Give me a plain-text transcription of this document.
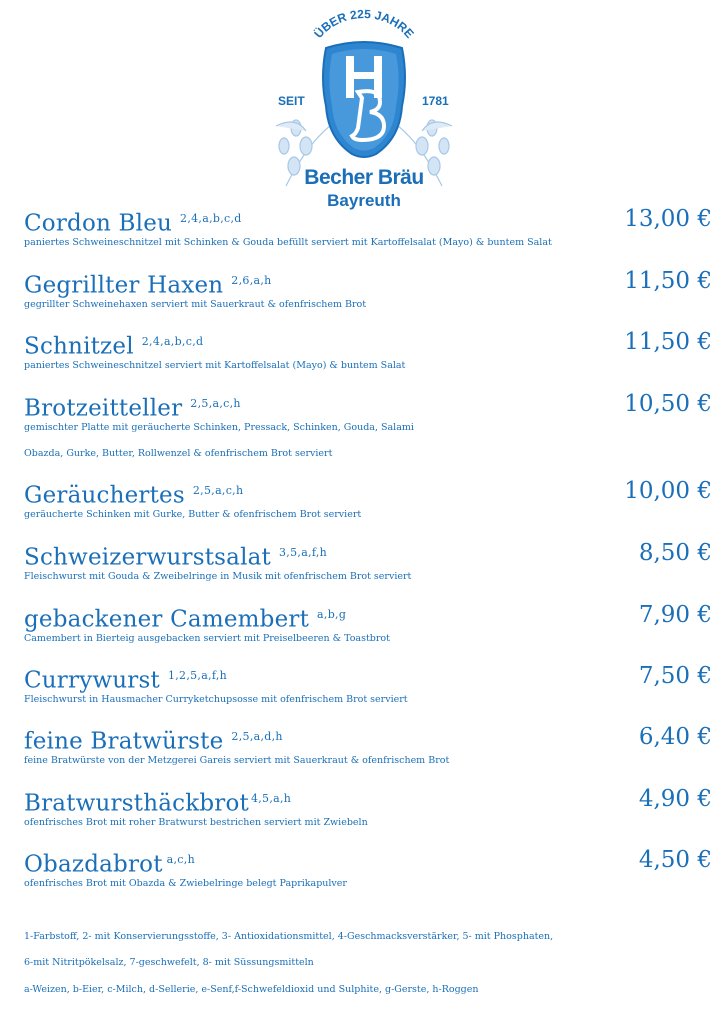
ÜBER 225 JAHRE
SEIT	1781
Becher Bräu
Bayreuth
Cordon Bleu $^{2,4,a,b,c,d}$	13,00 €
paniertes Schweineschnitzel mit Schinken & Gouda befüllt serviert mit Kartoffelsalat (Mayo) & buntem Salat
Gegrillter Haxen $^{2,6,a,h}$	11,50 €
gegrillter Schweinehaxen serviert mit Sauerkraut & ofenfrischem Brot
Schnitzel $^{2,4,a,b,c,d}$	11,50 €
paniertes Schweineschnitzel serviert mit Kartoffelsalat (Mayo) & buntem Salat
Brotzeitteller $^{2,5,a,c,h}$	10,50 €
gemischter Platte mit geräucherte Schinken, Pressack, Schinken, Gouda, Salami
Obazda, Gurke, Butter, Rollwenzel & ofenfrischem Brot serviert
Geräuchertes $^{2,5,a,c,h}$	10,00 €
geräucherte Schinken mit Gurke, Butter & ofenfrischem Brot serviert
Schweizerwurstsalat $^{3,5,a,f,h}$	8,50 €
Fleischwurst mit Gouda & Zweibelringe in Musik mit ofenfrischem Brot serviert
gebackener Camembert $^{a,b,g}$	7,90 €
Camembert in Bierteig ausgebacken serviert mit Preiselbeeren & Toastbrot
Currywurst $^{1,2,5,a,f,h}$	7,50 €
Fleischwurst in Hausmacher Curryketchupsosse mit ofenfrischem Brot serviert
feine Bratwürste $^{2,5,a,d,h}$	6,40 €
feine Bratwürste von der Metzgerei Gareis serviert mit Sauerkraut & ofenfrischem Brot
Bratwursthäckbrot $^{4,5,a,h}$	4,90 €
ofenfrisches Brot mit roher Bratwurst bestrichen serviert mit Zwiebeln
Obazdabrot $^{a,c,h}$	4,50 €
ofenfrisches Brot mit Obazda & Zwiebelringe belegt Paprikapulver
1-Farbstoff, 2- mit Konservierungsstoffe, 3- Antioxidationsmittel, 4-Geschmacksverstärker, 5- mit Phosphaten,
6-mit Nitritpökelsalz, 7-geschwefelt, 8- mit Süssungsmitteln
a-Weizen, b-Eier, c-Milch, d-Sellerie, e-Senf,f-Schwefeldioxid und Sulphite, g-Gerste, h-Roggen
